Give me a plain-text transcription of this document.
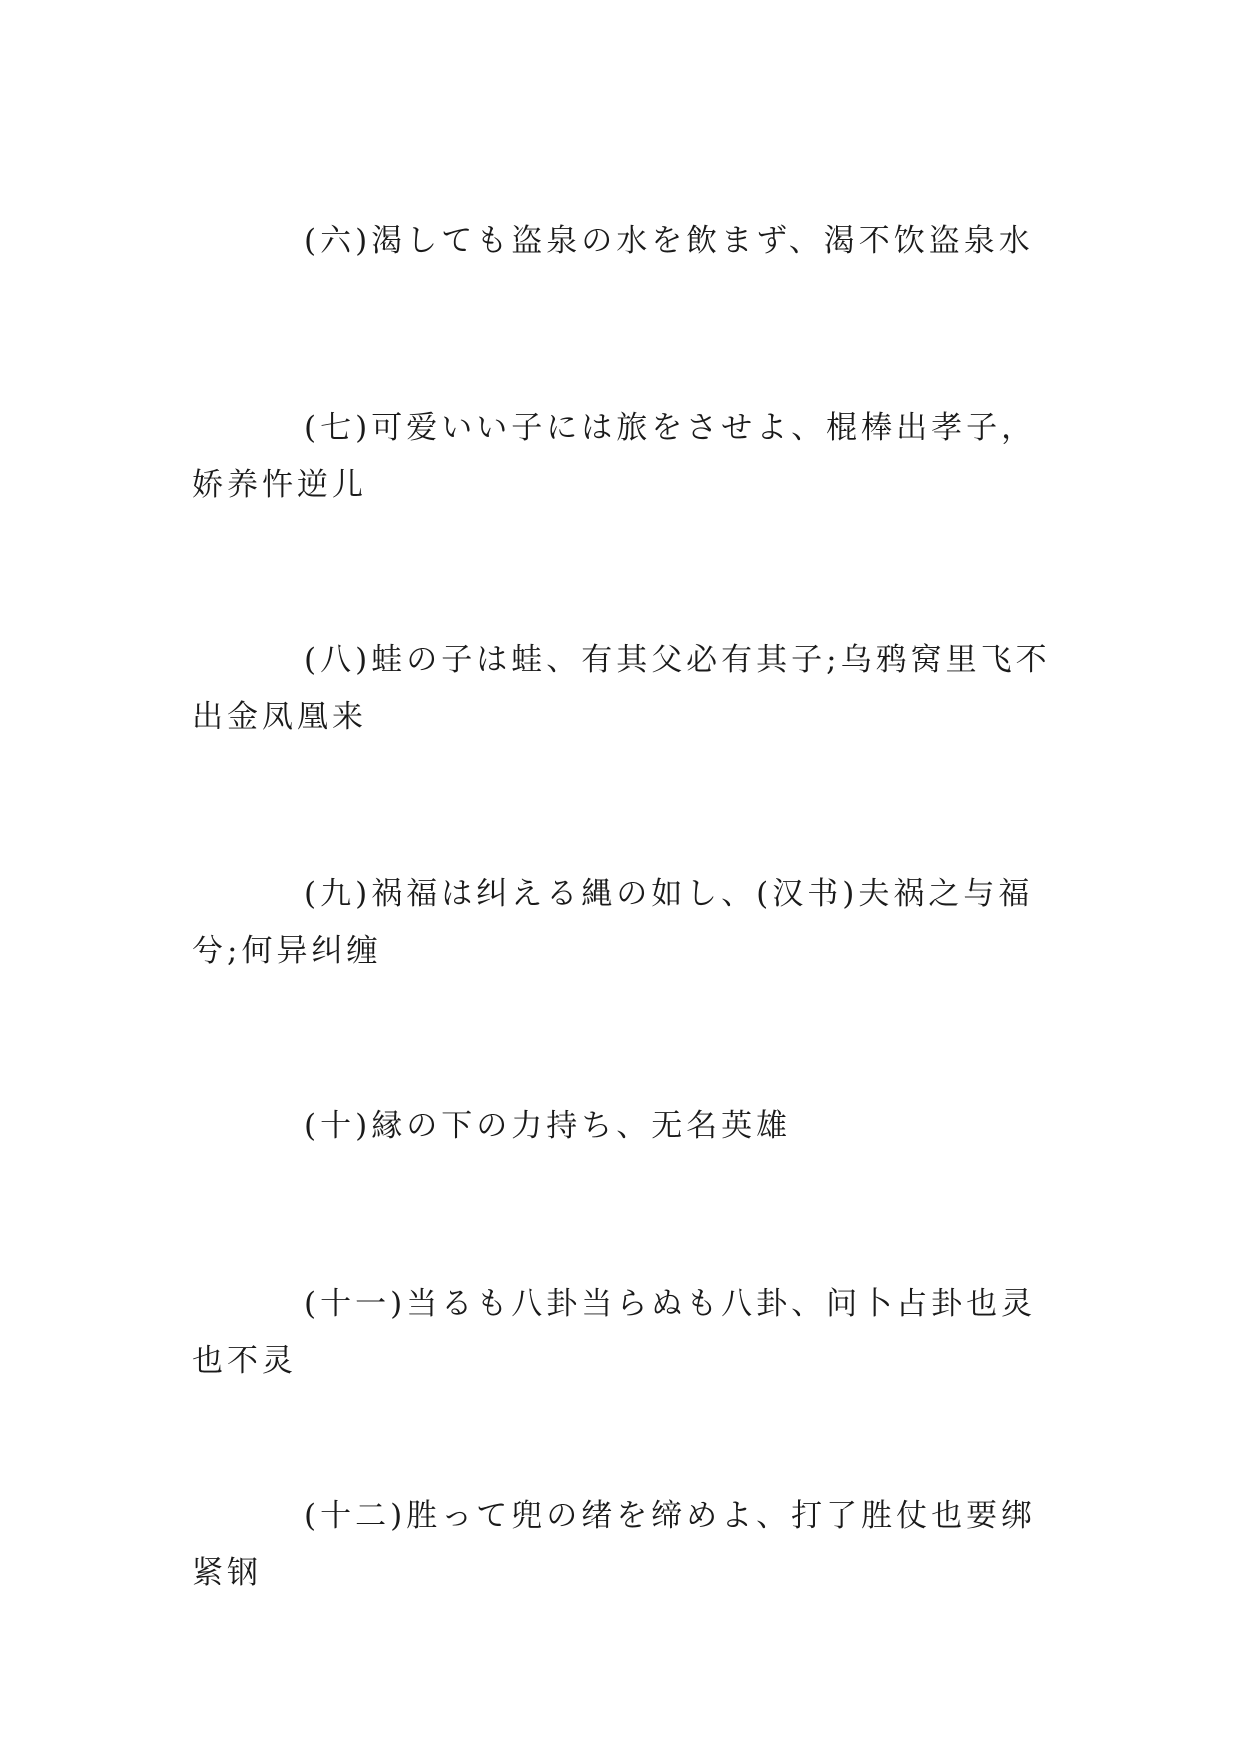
(六)渴しても盗泉の水を飲まず、渴不饮盗泉水

(七)可爱いい子には旅をさせよ、棍棒出孝子，娇养忤逆儿

(八)蛙の子は蛙、有其父必有其子;乌鸦窝里飞不出金凤凰来

(九)祸福は纠える縄の如し、(汉书)夫祸之与福兮;何异纠缠

(十)縁の下の力持ち、无名英雄

(十一)当るも八卦当らぬも八卦、问卜占卦也灵也不灵

(十二)胜って兜の绪を缔めよ、打了胜仗也要绑紧钢
